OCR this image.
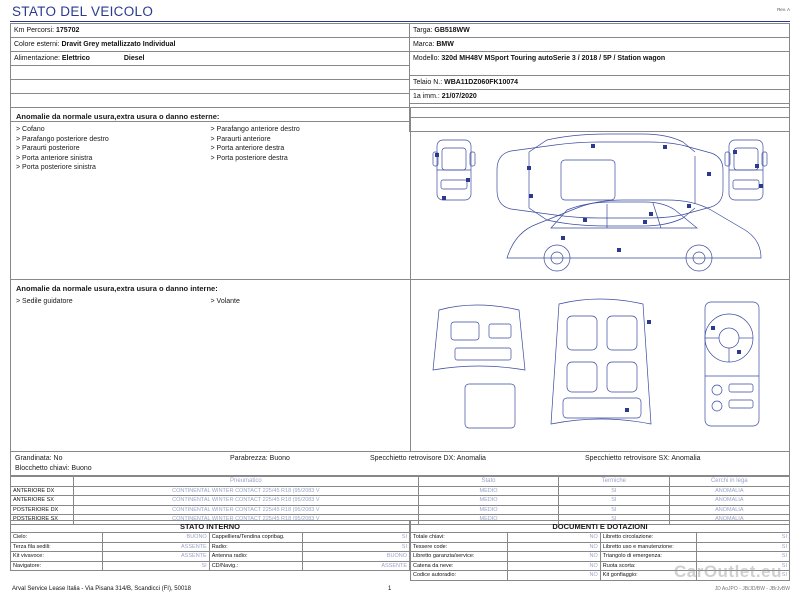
STATO DEL VEICOLO	Rev. A
Km Percorsi: 175702
Colore esterni: Dravit Grey metallizzato Individual
Alimentazione: Elettrico	Diesel

Targa: GB518WW
Marca: BMW
Modello: 320d MH48V MSport Touring autoSerie 3 / 2018 / 5P / Station wagon
Telaio N.: WBA11DZ060FK10074
1a imm.: 21/07/2020

Anomalie da normale usura,extra usura o danno esterne:
> Cofano
> Parafango posteriore destro
> Paraurti posteriore
> Porta anteriore sinistra
> Porta posteriore sinistra
> Parafango anteriore destro
> Paraurti anteriore
> Porta anteriore destra
> Porta posteriore destra
Anomalie da normale usura,extra usura o danno interne:
> Sedile guidatore	> Volante
Grandinata: No	Parabrezza: Buono	Specchietto retrovisore DX: Anomalia	Specchietto retrovisore SX: Anomalia
Blocchetto chiavi: Buono
	Pneumatico	Stato	Termiche	Cerchi in lega
ANTERIORE DX	CONTINENTAL WINTER CONTACT 225/45 R18 (95/2083 V	MEDIO	SI	ANOMALIA
ANTERIORE SX	CONTINENTAL WINTER CONTACT 225/45 R18 (95/2083 V	MEDIO	SI	ANOMALIA
POSTERIORE DX	CONTINENTAL WINTER CONTACT 225/45 R18 (95/2083 V	MEDIO	SI	ANOMALIA
POSTERIORE SX	CONTINENTAL WINTER CONTACT 225/45 R18 (95/2083 V	MEDIO	SI	ANOMALIA
STATO INTERNO
Cielo:	BUONO	Cappelliera/Tendina copribag.	SI
Terza fila sedili:	ASSENTE	Radio:	SI
Kit vivavoce:	ASSENTE	Antenna radio:	BUONO
Navigatore:	SI	CD/Navig.:	ASSENTE
DOCUMENTI E DOTAZIONI
Totale chiavi:	NO	Libretto circolazione:	SI
Tessere code:	NO	Libretto uso e manutenzione:	SI
Libretto garanzia/service:	NO	Triangolo di emergenza:	SI
Catena da neve:	NO	Ruota scorta:	SI
Codice autoradio:	NO	Kit gonfiaggio:	SI
CarOutlet.eu
Arval Service Lease Italia - Via Pisana 314/B, Scandicci (FI), 50018	1	JD AoJPO - JB/JD/BW - JBrJvBW
